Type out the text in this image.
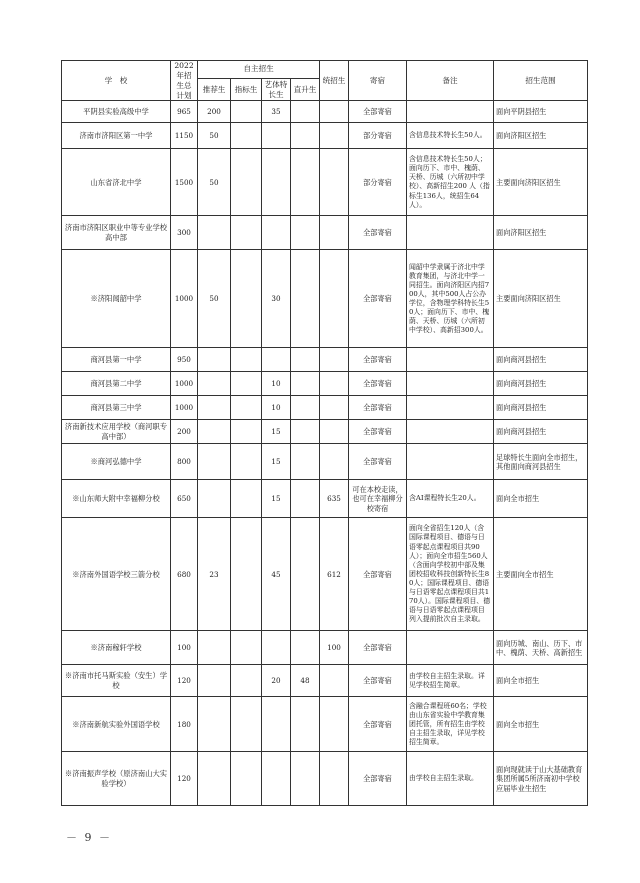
学　校	2022年招生总计划	自主招生				统招生	寄宿	备注	招生范围
		推荐生	指标生	艺体特长生	直升生				
平阴县实验高级中学	965	200		35			全部寄宿		面向平阴县招生
济南市济阳区第一中学	1150	50					部分寄宿	含信息技术特长生50人。	面向济阳区招生
山东省济北中学	1500	50					部分寄宿	含信息技术特长生50人；面向历下、市中、槐荫、天桥、历城（六所初中学校）、高新招生200 人（指标生136人，统招生64人）。	主要面向济阳区招生
济南市济阳区职业中等专业学校高中部	300						全部寄宿		面向济阳区招生
※济阳闻韶中学	1000	50		30			全部寄宿	闻韶中学隶属于济北中学教育集团，与济北中学一同招生。面向济阳区内招700人，其中500人占公办学位，含物理学科特长生50人；面向历下、市中、槐荫、天桥、历城（六所初中学校）、高新招300人。	主要面向济阳区招生
商河县第一中学	950						全部寄宿		面向商河县招生
商河县第二中学	1000			10			全部寄宿		面向商河县招生
商河县第三中学	1000			10			全部寄宿		面向商河县招生
济南新技术应用学校（商河职专高中部）	200			15			全部寄宿		面向商河县招生
※商河弘德中学	800			15			全部寄宿		足球特长生面向全市招生，其他面向商河县招生
※山东师大附中幸福柳分校	650			15		635	可在本校走读，也可在幸福柳分校寄宿	含AI课程特长生20人。	面向全市招生
※济南外国语学校三箭分校	680	23		45		612	全部寄宿	面向全省招生120人（含国际课程项目、德语与日语零起点课程项目共90人）；面向全市招生560人（含面向学校初中部及集团校招收科技创新特长生80人；国际课程项目、德语与日语零起点课程项目共170人）。国际课程项目、德语与日语零起点课程项目列入提前批次自主录取。	主要面向全市招生
※济南稼轩学校	100					100	全部寄宿		面向历城、南山、历下、市中、槐荫、天桥、高新招生
※济南市托马斯实验（安生）学校	120			20	48		全部寄宿	由学校自主招生录取。详见学校招生简章。	面向全市招生
※济南新航实验外国语学校	180						全部寄宿	含融合课程班60名；学校由山东省实验中学教育集团托管，所有招生由学校自主招生录取，详见学校招生简章。	面向全市招生
※济南振声学校（原济南山大实验学校）	120						全部寄宿	由学校自主招生录取。	面向现就读于山大基础教育集团所属5所济南初中学校应届毕业生招生
－ 9 －
